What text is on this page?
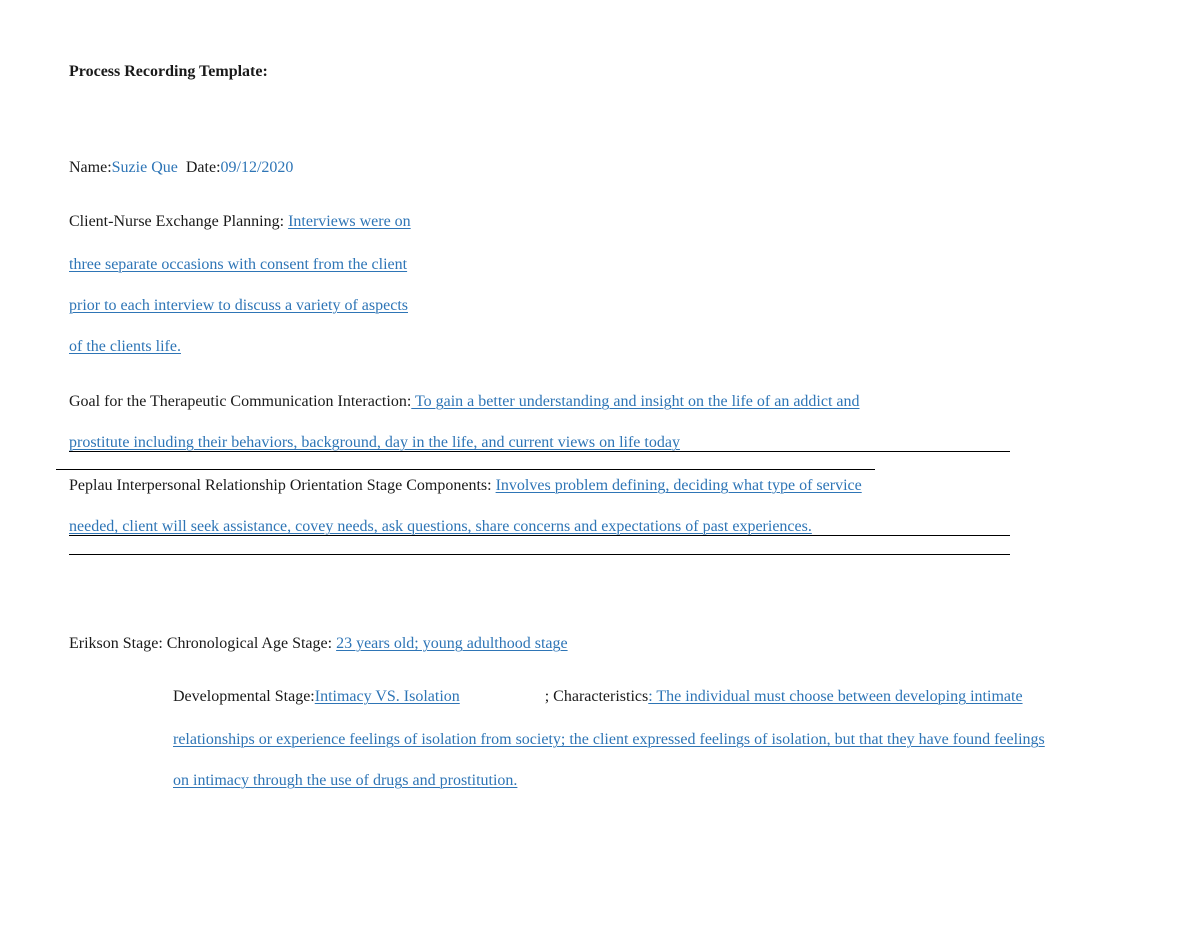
Process Recording Template:
Name:Suzie Que Date:09/12/2020
Client-Nurse Exchange Planning: Interviews were on
three separate occasions with consent from the client
prior to each interview to discuss a variety of aspects
of the clients life.
Goal for the Therapeutic Communication Interaction: To gain a better understanding and insight on the life of an addict and
prostitute including their behaviors, background, day in the life, and current views on life today
Peplau Interpersonal Relationship Orientation Stage Components: Involves problem defining, deciding what type of service
needed, client will seek assistance, covey needs, ask questions, share concerns and expectations of past experiences.
Erikson Stage: Chronological Age Stage: 23 years old; young adulthood stage
Developmental Stage:Intimacy VS. Isolation	; Characteristics: The individual must choose between developing intimate
relationships or experience feelings of isolation from society; the client expressed feelings of isolation, but that they have found feelings
on intimacy through the use of drugs and prostitution.
